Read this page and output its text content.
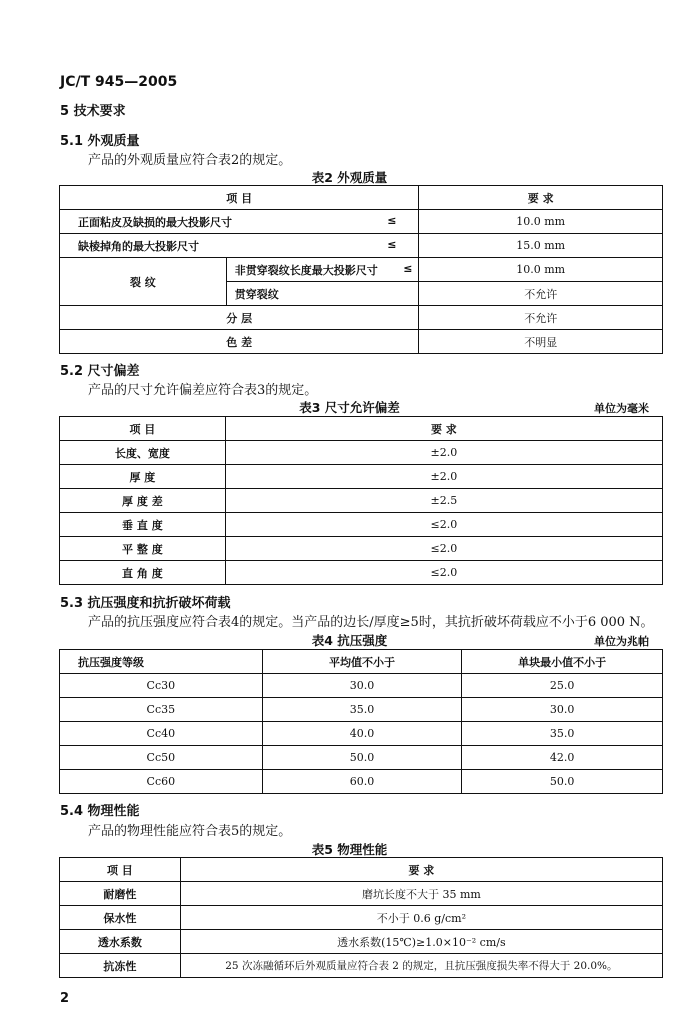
JC/T 945—2005
5 技术要求
5.1 外观质量
产品的外观质量应符合表2的规定。
表2 外观质量
项 目		要 求
正面粘皮及缺损的最大投影尺寸 ≤		10.0 mm
缺棱掉角的最大投影尺寸 ≤		15.0 mm
裂 纹	非贯穿裂纹长度最大投影尺寸 ≤	10.0 mm
	贯穿裂纹	不允许
分 层		不允许
色 差		不明显
5.2 尺寸偏差
产品的尺寸允许偏差应符合表3的规定。
表3 尺寸允许偏差	单位为毫米
项 目	要 求
长度、宽度	±2.0
厚 度	±2.0
厚 度 差	±2.5
垂 直 度	≤2.0
平 整 度	≤2.0
直 角 度	≤2.0
5.3 抗压强度和抗折破坏荷载
产品的抗压强度应符合表4的规定。当产品的边长/厚度≥5时，其抗折破坏荷载应不小于6 000 N。
表4 抗压强度	单位为兆帕
抗压强度等级	平均值不小于	单块最小值不小于
Cc30	30.0	25.0
Cc35	35.0	30.0
Cc40	40.0	35.0
Cc50	50.0	42.0
Cc60	60.0	50.0
5.4 物理性能
产品的物理性能应符合表5的规定。
表5 物理性能
项 目	要 求
耐磨性	磨坑长度不大于 35 mm
保水性	不小于 0.6 g/cm²
透水系数	透水系数(15℃)≥1.0×10⁻² cm/s
抗冻性	25 次冻融循环后外观质量应符合表 2 的规定，且抗压强度损失率不得大于 20.0%。
2
